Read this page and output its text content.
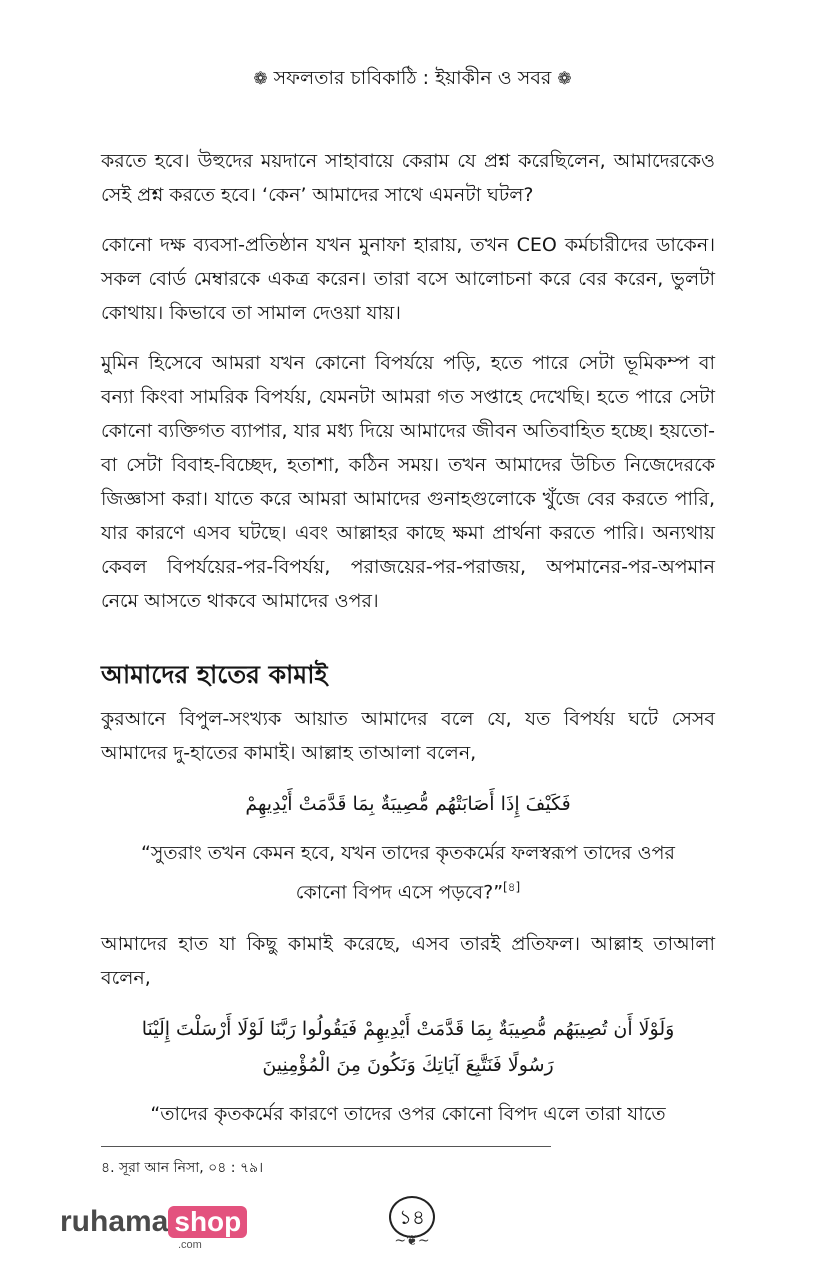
❁ সফলতার চাবিকাঠি : ইয়াকীন ও সবর ❁

করতে হবে। উহুদের ময়দানে সাহাবায়ে কেরাম যে প্রশ্ন করেছিলেন, আমাদেরকেও সেই প্রশ্ন করতে হবে। ‘কেন’ আমাদের সাথে এমনটা ঘটল?

কোনো দক্ষ ব্যবসা-প্রতিষ্ঠান যখন মুনাফা হারায়, তখন CEO কর্মচারীদের ডাকেন। সকল বোর্ড মেম্বারকে একত্র করেন। তারা বসে আলোচনা করে বের করেন, ভুলটা কোথায়। কিভাবে তা সামাল দেওয়া যায়।

মুমিন হিসেবে আমরা যখন কোনো বিপর্যয়ে পড়ি, হতে পারে সেটা ভূমিকম্প বা বন্যা কিংবা সামরিক বিপর্যয়, যেমনটা আমরা গত সপ্তাহে দেখেছি। হতে পারে সেটা কোনো ব্যক্তিগত ব্যাপার, যার মধ্য দিয়ে আমাদের জীবন অতিবাহিত হচ্ছে। হয়তো-বা সেটা বিবাহ-বিচ্ছেদ, হতাশা, কঠিন সময়। তখন আমাদের উচিত নিজেদেরকে জিজ্ঞাসা করা। যাতে করে আমরা আমাদের গুনাহগুলোকে খুঁজে বের করতে পারি, যার কারণে এসব ঘটছে। এবং আল্লাহর কাছে ক্ষমা প্রার্থনা করতে পারি। অন্যথায় কেবল বিপর্যয়ের-পর-বিপর্যয়, পরাজয়ের-পর-পরাজয়, অপমানের-পর-অপমান নেমে আসতে থাকবে আমাদের ওপর।

আমাদের হাতের কামাই

কুরআনে বিপুল-সংখ্যক আয়াত আমাদের বলে যে, যত বিপর্যয় ঘটে সেসব আমাদের দু-হাতের কামাই। আল্লাহ তাআলা বলেন,

فَكَيْفَ إِذَا أَصَابَتْهُم مُّصِيبَةٌ بِمَا قَدَّمَتْ أَيْدِيهِمْ

“সুতরাং তখন কেমন হবে, যখন তাদের কৃতকর্মের ফলস্বরূপ তাদের ওপর কোনো বিপদ এসে পড়বে?”[৪]

আমাদের হাত যা কিছু কামাই করেছে, এসব তারই প্রতিফল। আল্লাহ তাআলা বলেন,

وَلَوْلَا أَن تُصِيبَهُم مُّصِيبَةٌ بِمَا قَدَّمَتْ أَيْدِيهِمْ فَيَقُولُوا رَبَّنَا لَوْلَا أَرْسَلْتَ إِلَيْنَا
رَسُولًا فَنَتَّبِعَ آيَاتِكَ وَنَكُونَ مِنَ الْمُؤْمِنِينَ

“তাদের কৃতকর্মের কারণে তাদের ওপর কোনো বিপদ এলে তারা যাতে

৪. সূরা আন নিসা, ০৪ : ৭৯।
১৪
~❦~
ruhama shop
.com
